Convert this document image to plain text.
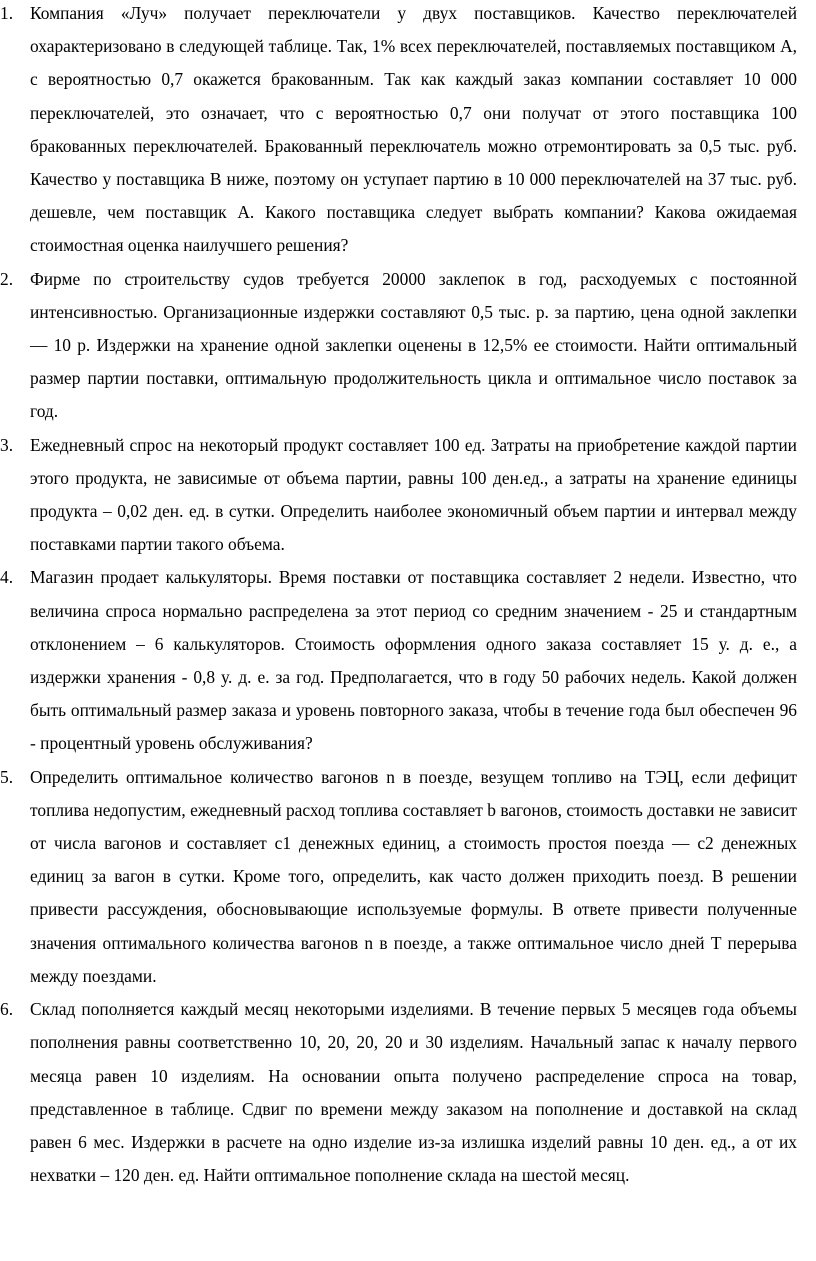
1. Компания «Луч» получает переключатели у двух поставщиков. Качество переключателей охарактеризовано в следующей таблице. Так, 1% всех переключателей, поставляемых поставщиком А, с вероятностью 0,7 окажется бракованным. Так как каждый заказ компании составляет 10 000 переключателей, это означает, что с вероятностью 0,7 они получат от этого поставщика 100 бракованных переключателей. Бракованный переключатель можно отремонтировать за 0,5 тыс. руб. Качество у поставщика В ниже, поэтому он уступает партию в 10 000 переключателей на 37 тыс. руб. дешевле, чем поставщик А. Какого поставщика следует выбрать компании? Какова ожидаемая стоимостная оценка наилучшего решения?
2. Фирме по строительству судов требуется 20000 заклепок в год, расходуемых с постоянной интенсивностью. Организационные издержки составляют 0,5 тыс. р. за партию, цена одной заклепки — 10 р. Издержки на хранение одной заклепки оценены в 12,5% ее стоимости. Найти оптимальный размер партии поставки, оптимальную продолжительность цикла и оптимальное число поставок за год.
3. Ежедневный спрос на некоторый продукт составляет 100 ед. Затраты на приобретение каждой партии этого продукта, не зависимые от объема партии, равны 100 ден.ед., а затраты на хранение единицы продукта – 0,02 ден. ед. в сутки. Определить наиболее экономичный объем партии и интервал между поставками партии такого объема.
4. Магазин продает калькуляторы. Время поставки от поставщика составляет 2 недели. Известно, что величина спроса нормально распределена за этот период со средним значением - 25 и стандартным отклонением – 6 калькуляторов. Стоимость оформления одного заказа составляет 15 у. д. е., а издержки хранения - 0,8 у. д. е. за год. Предполагается, что в году 50 рабочих недель. Какой должен быть оптимальный размер заказа и уровень повторного заказа, чтобы в течение года был обеспечен 96 - процентный уровень обслуживания?
5. Определить оптимальное количество вагонов n в поезде, везущем топливо на ТЭЦ, если дефицит топлива недопустим, ежедневный расход топлива составляет b вагонов, стоимость доставки не зависит от числа вагонов и составляет c1 денежных единиц, а стоимость простоя поезда — c2 денежных единиц за вагон в сутки. Кроме того, определить, как часто должен приходить поезд. В решении привести рассуждения, обосновывающие используемые формулы. В ответе привести полученные значения оптимального количества вагонов n в поезде, а также оптимальное число дней T перерыва между поездами.
6. Склад пополняется каждый месяц некоторыми изделиями. В течение первых 5 месяцев года объемы пополнения равны соответственно 10, 20, 20, 20 и 30 изделиям. Начальный запас к началу первого месяца равен 10 изделиям. На основании опыта получено распределение спроса на товар, представленное в таблице. Сдвиг по времени между заказом на пополнение и доставкой на склад равен 6 мес. Издержки в расчете на одно изделие из-за излишка изделий равны 10 ден. ед., а от их нехватки – 120 ден. ед. Найти оптимальное пополнение склада на шестой месяц.
